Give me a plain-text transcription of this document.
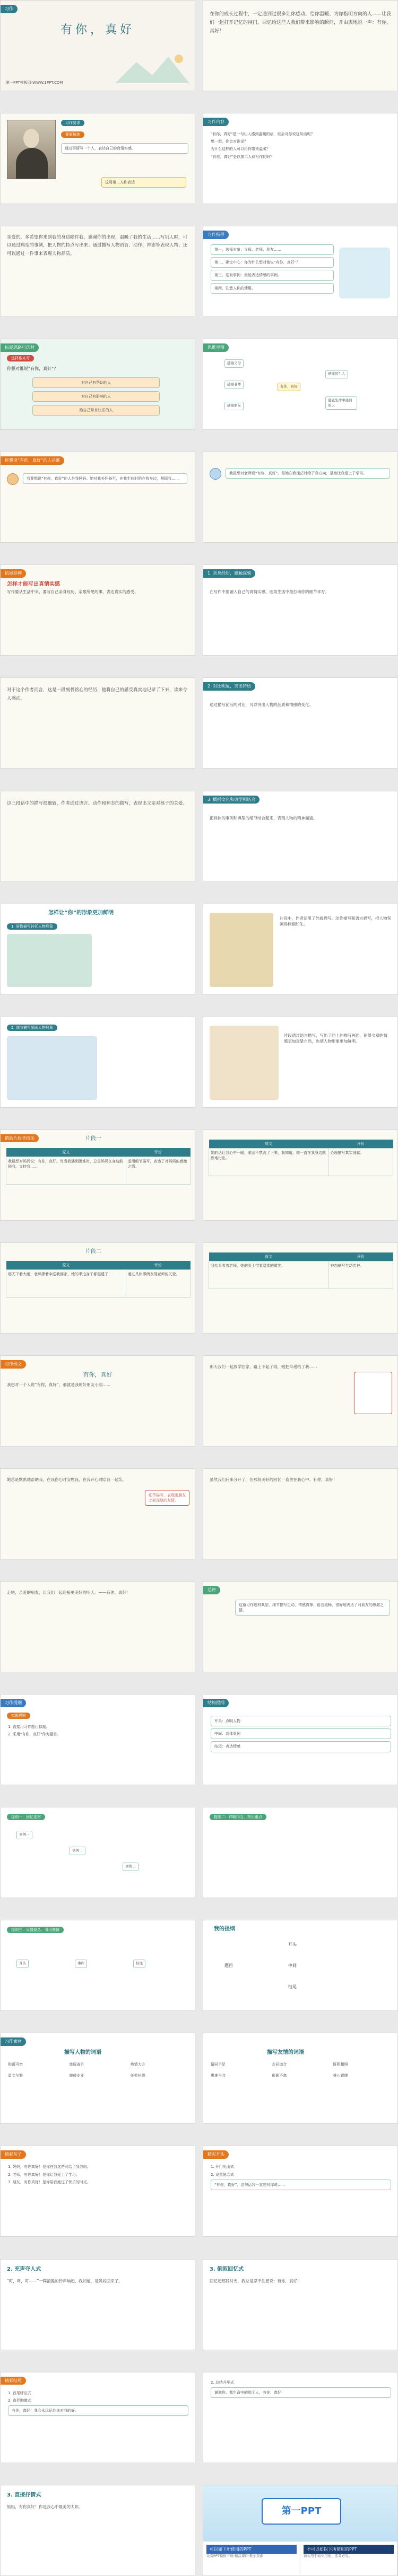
习作
有你，真好
第一PPT模板网-WWW.1PPT.COM
在你的成长过程中，一定遇到过很多让你感动、给你温暖、为你指明方向的人——让我们一起打开记忆的闸门，回忆给这些人我们带来影响的瞬间，并由衷地说一声：有你，真好！
习作要求
要素解读
通过事情写一个人，表达自己的真情实感。
这周第二人称表达
习作内容
"有你，真好"是一句让人感到温暖的话，谁会对你说这句话呢？
想一想，你会对谁说？
为什么这样的人可以给你带来温暖？
“有你，真好”是以第二人称写作的吗？
亲爱的，多希望你来到我的身边陪伴我，感谢你的出现，温暖了我的生活……写别人时，可以通过典型的事例，把人物的特点写出来；通过描写人物语言、动作、神态等表现人物；还可以通过一件事来表现人物品质。
习作指导
第一，选择对象：父母、老师、朋友……
第二，确定中心：你为什么想对他说“有你，真好”？
第三，选取事例：最能表达情感的事例。
第四，注意人称的使用。
拓展思路巧选材
选择谁来写
你想对谁说“有你，真好”？
对自己有帮助的人
对自己有影响的人
给自己带来快乐的人
思维导图
有你，真好
感谢父母
感谢老师
感谢朋友
感谢陌生人
感恩生命中遇到的人
你想说“有你，真好”的人是谁
我要想说“有你，真好”的人是我妈妈。她对我关怀备至，在我生病时陪在我身边，照顾我……
我最想对老师说“有你，真好”。是她在我迷茫时给了我方向，是她让我爱上了学习。
拓展延伸
怎样才能写出真情实感
写作要从生活中来，要写自己亲身经历、亲眼所见的事，表达真实的感受。
1. 亲身经历，感触深刻
在写作中要融入自己的真情实感。选取生活中最打动你的细节来写。
对于这个作者而言，这是一段刻骨铭心的经历，他将自己的感受真实地记录了下来，读来令人感动。
2. 对比明显，突出特质
通过描写前后的对比，可以突出人物的品质和情感的变化。
这三段话中的描写很细致，作者通过语言、动作和神态的描写，表现出父亲对孩子的关爱。
3. 概括文化和典型相结合
把具体的事例和典型的细节结合起来，表现人物的精神面貌。
怎样让“你”的形象更加鲜明
1. 景物描写衬托人物形象
片段中，作者运用了外貌描写、动作描写和语言描写，把人物刻画得栩栩如生。
2. 细节描写刻画人物形象
片段通过语言描写，写出了同上的描写画面，使得文章的情感更加真挚自然，也使人物形象更加鲜明。
借助片段学技法	片段一
原文	评价
我最想对妈妈说：有你，真好。每当我遇到困难时，总是妈妈在身边鼓励我、支持我……	运用细节描写，表达了对妈妈的感激之情。
原文	评价
她的话让我心中一暖，眼泪不禁流了下来，我知道，她一直在我身边默默地付出。	心理描写真实细腻。
片段二
原文	评价
那天下着大雨，老师撑着伞送我回家，她的半边身子都湿透了……	通过具体事例表现老师的关爱。
原文	评价
我抬头看着老师，她的脸上带着温柔的微笑。	神态描写生动传神。
习作例文
有你，真好
我想对一个人说“有你，真好”，那就是我的好朋友小丽……
那天我们一起放学回家，路上下起了雨，她把伞递给了我……
她总是默默地帮助我，在我伤心时安慰我，在我开心时陪我一起笑。
细节描写，表现出朋友之间深厚的友情。
虽然我们后来分开了，但那段美好的回忆一直留在我心中。有你，真好！
走吧，亲爱的朋友，让我们一起迎接更美好的明天。——有你，真好！
总评
这篇习作选材典型，细节描写生动，情感真挚，语言流畅，很好地表达了对朋友的感激之情。
习作提纲
拟题思路
1. 直接用习作题目拟题。
2. 采用"有你，真好"作为题目。
结构提纲
开头：点明人物
中间：具体事例
结尾：表达情感
提纲一：回忆选材
事例一
事例二
事例三
提纲二：详略得当，突出重点
提纲三：设置悬念，引出感情
开头	事件	结尾
我的提纲
题目
开头
中间
结尾
习作素材
描写人物的词语
和蔼可亲	慈眉善目	热情大方
温文尔雅	兢兢业业	任劳任怨
描写友情的词语
情同手足	志同道合	肝胆相照
患难与共	形影不离	推心置腹
精彩句子
1. 妈妈，有你真好！是你在我迷茫时给了我方向。
2. 老师，有你真好！是你让我爱上了学习。
3. 朋友，有你真好！是你陪我度过了快乐的时光。
精彩开头
1. 开门见山式
2. 设置悬念式
“有你，真好”，这句话我一直想对你说……
2. 充声夺人式
“叮，咚，叮——”一阵清脆的铃声响起，我知道，是妈妈回来了。
3. 倒叙回忆式
回忆起那段时光，我总是忍不住想说：有你，真好！
精彩结尾
1. 首尾呼应式
2. 直抒胸臆式
有你，真好！我会永远记住你对我的好。
2. 总结升华式
谢谢你，我生命中的那个人，有你，真好！
3. 直接抒情式
妈妈，有你真好！你是我心中最美的太阳。	第一PPT
可以如下所使用的PPT
免费PPT模板下载·精品课件·教学资源
不可以如以下所使用的PPT
请勿用于商业用途，违者必究。
